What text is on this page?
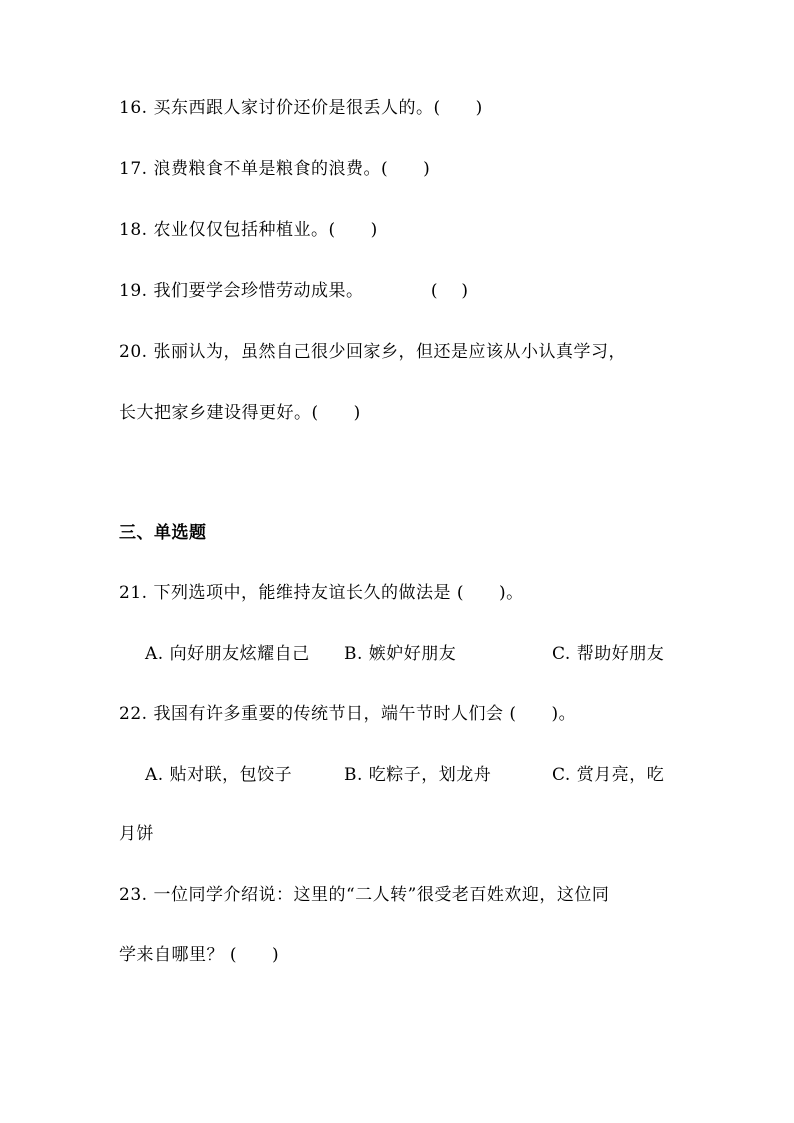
16. 买东西跟人家讨价还价是很丢人的。(　　)
17. 浪费粮食不单是粮食的浪费。(　　)
18. 农业仅仅包括种植业。(　　)
19. 我们要学会珍惜劳动成果。　　　　 (　 )
20. 张丽认为，虽然自己很少回家乡，但还是应该从小认真学习，
长大把家乡建设得更好。(　　)
三、单选题
21. 下列选项中，能维持友谊长久的做法是 (　　)。
A. 向好朋友炫耀自己 B. 嫉妒好朋友	C. 帮助好朋友
22. 我国有许多重要的传统节日，端午节时人们会 (　　)。
A. 贴对联，包饺子	B. 吃粽子，划龙舟	C. 赏月亮，吃
月饼
23. 一位同学介绍说：这里的“二人转”很受老百姓欢迎，这位同
学来自哪里？ (　　)
